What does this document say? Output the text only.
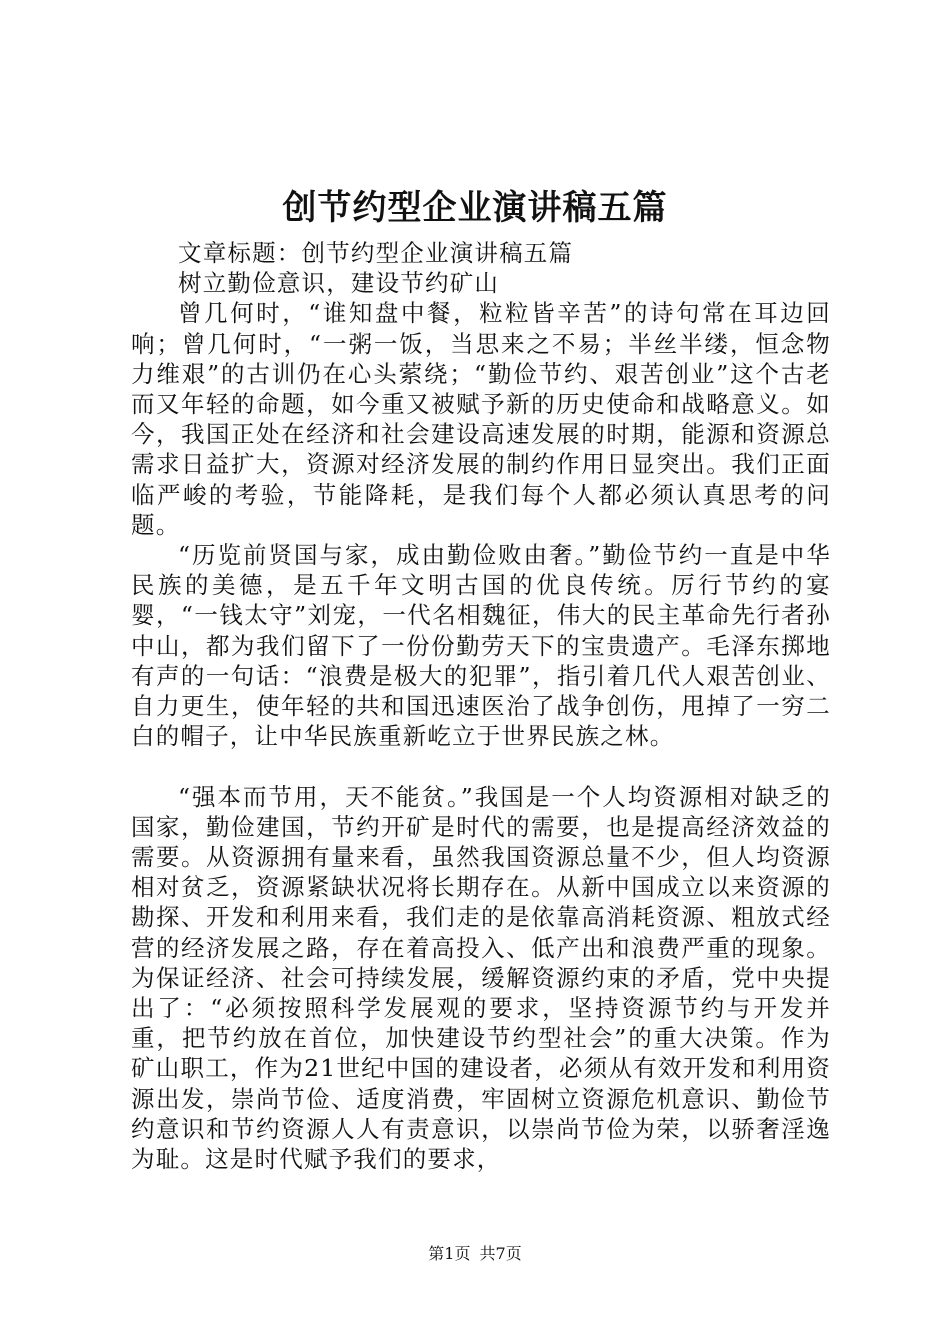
创节约型企业演讲稿五篇

文章标题：创节约型企业演讲稿五篇

树立勤俭意识，建设节约矿山

曾几何时，“谁知盘中餐，粒粒皆辛苦”的诗句常在耳边回响；曾几何时，“一粥一饭，当思来之不易；半丝半缕，恒念物力维艰”的古训仍在心头萦绕；“勤俭节约、艰苦创业”这个古老而又年轻的命题，如今重又被赋予新的历史使命和战略意义。如今，我国正处在经济和社会建设高速发展的时期，能源和资源总需求日益扩大，资源对经济发展的制约作用日显突出。我们正面临严峻的考验，节能降耗，是我们每个人都必须认真思考的问题。

“历览前贤国与家，成由勤俭败由奢。”勤俭节约一直是中华民族的美德，是五千年文明古国的优良传统。厉行节约的宴婴，“一钱太守”刘宠，一代名相魏征，伟大的民主革命先行者孙中山，都为我们留下了一份份勤劳天下的宝贵遗产。毛泽东掷地有声的一句话：“浪费是极大的犯罪”，指引着几代人艰苦创业、自力更生，使年轻的共和国迅速医治了战争创伤，甩掉了一穷二白的帽子，让中华民族重新屹立于世界民族之林。

“强本而节用，天不能贫。”我国是一个人均资源相对缺乏的国家，勤俭建国，节约开矿是时代的需要，也是提高经济效益的需要。从资源拥有量来看，虽然我国资源总量不少，但人均资源相对贫乏，资源紧缺状况将长期存在。从新中国成立以来资源的勘探、开发和利用来看，我们走的是依靠高消耗资源、粗放式经营的经济发展之路，存在着高投入、低产出和浪费严重的现象。为保证经济、社会可持续发展，缓解资源约束的矛盾，党中央提出了：“必须按照科学发展观的要求，坚持资源节约与开发并重，把节约放在首位，加快建设节约型社会”的重大决策。作为矿山职工，作为21世纪中国的建设者，必须从有效开发和利用资源出发，崇尚节俭、适度消费，牢固树立资源危机意识、勤俭节约意识和节约资源人人有责意识，以崇尚节俭为荣，以骄奢淫逸为耻。这是时代赋予我们的要求，

第1页 共7页
